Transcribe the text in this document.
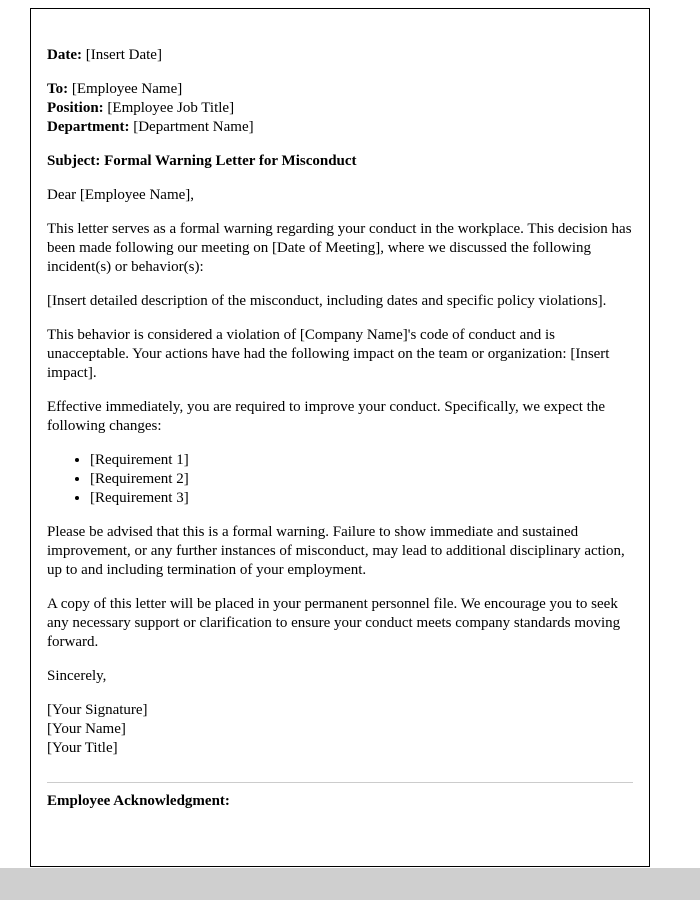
Date: [Insert Date]

To: [Employee Name]
Position: [Employee Job Title]
Department: [Department Name]

Subject: Formal Warning Letter for Misconduct

Dear [Employee Name],

This letter serves as a formal warning regarding your conduct in the workplace. This decision has been made following our meeting on [Date of Meeting], where we discussed the following incident(s) or behavior(s):

[Insert detailed description of the misconduct, including dates and specific policy violations].

This behavior is considered a violation of [Company Name]'s code of conduct and is unacceptable. Your actions have had the following impact on the team or organization: [Insert impact].

Effective immediately, you are required to improve your conduct. Specifically, we expect the following changes:

• [Requirement 1]
• [Requirement 2]
• [Requirement 3]

Please be advised that this is a formal warning. Failure to show immediate and sustained improvement, or any further instances of misconduct, may lead to additional disciplinary action, up to and including termination of your employment.

A copy of this letter will be placed in your permanent personnel file. We encourage you to seek any necessary support or clarification to ensure your conduct meets company standards moving forward.

Sincerely,

[Your Signature]
[Your Name]
[Your Title]
Employee Acknowledgment:
